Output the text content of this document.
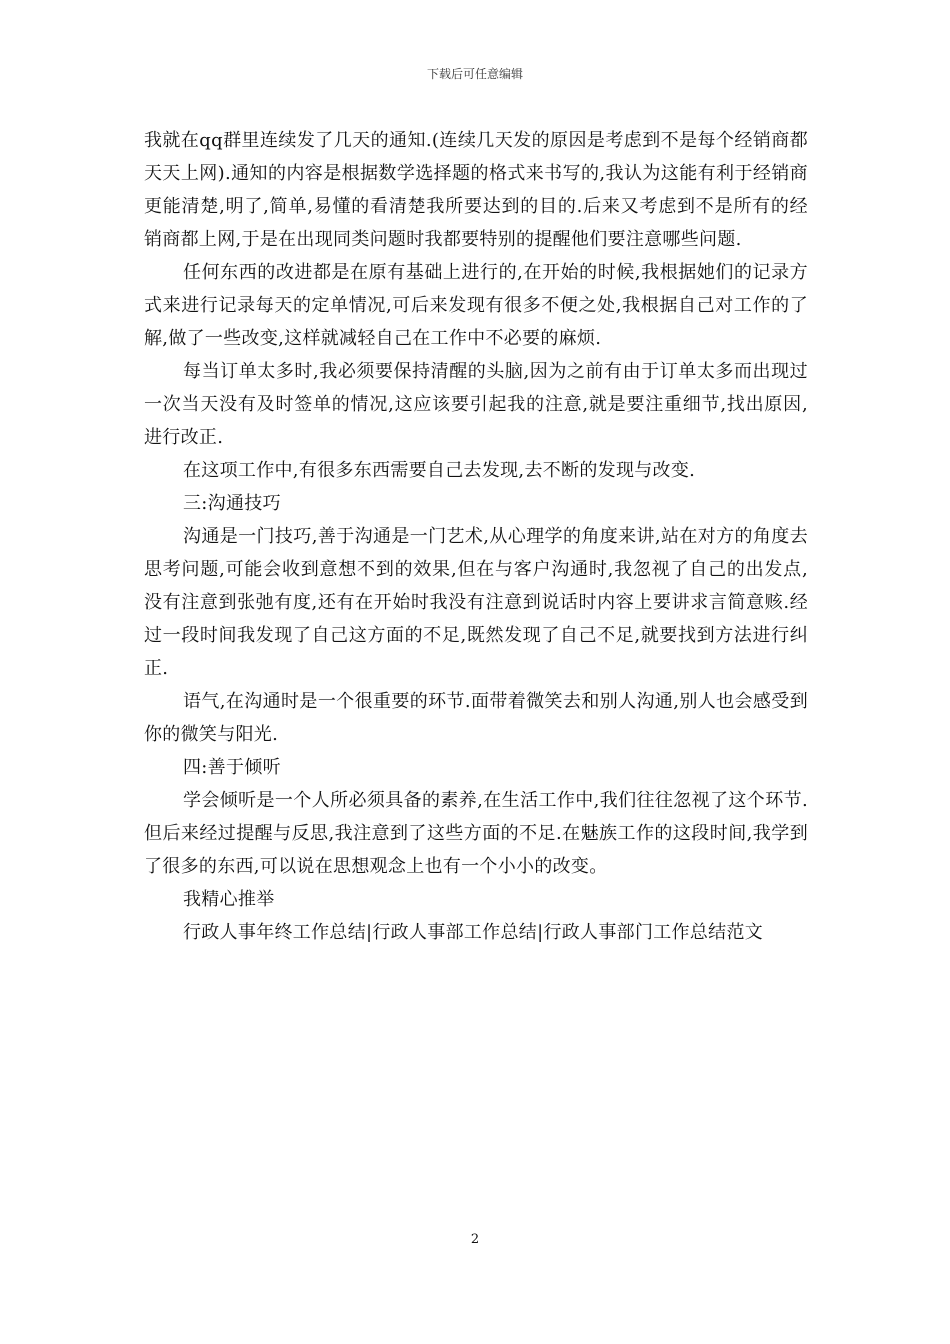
下载后可任意编辑

我就在qq群里连续发了几天的通知.(连续几天发的原因是考虑到不是每个经销商都天天上网).通知的内容是根据数学选择题的格式来书写的,我认为这能有利于经销商更能清楚,明了,简单,易懂的看清楚我所要达到的目的.后来又考虑到不是所有的经销商都上网,于是在出现同类问题时我都要特别的提醒他们要注意哪些问题.

任何东西的改进都是在原有基础上进行的,在开始的时候,我根据她们的记录方式来进行记录每天的定单情况,可后来发现有很多不便之处,我根据自己对工作的了解,做了一些改变,这样就减轻自己在工作中不必要的麻烦.

每当订单太多时,我必须要保持清醒的头脑,因为之前有由于订单太多而出现过一次当天没有及时签单的情况,这应该要引起我的注意,就是要注重细节,找出原因,进行改正.

在这项工作中,有很多东西需要自己去发现,去不断的发现与改变.

三:沟通技巧

沟通是一门技巧,善于沟通是一门艺术,从心理学的角度来讲,站在对方的角度去思考问题,可能会收到意想不到的效果,但在与客户沟通时,我忽视了自己的出发点,没有注意到张弛有度,还有在开始时我没有注意到说话时内容上要讲求言简意赅.经过一段时间我发现了自己这方面的不足,既然发现了自己不足,就要找到方法进行纠正.

语气,在沟通时是一个很重要的环节.面带着微笑去和别人沟通,别人也会感受到你的微笑与阳光.

四:善于倾听

学会倾听是一个人所必须具备的素养,在生活工作中,我们往往忽视了这个环节.但后来经过提醒与反思,我注意到了这些方面的不足.在魅族工作的这段时间,我学到了很多的东西,可以说在思想观念上也有一个小小的改变。

我精心推举

行政人事年终工作总结|行政人事部工作总结|行政人事部门工作总结范文

2
